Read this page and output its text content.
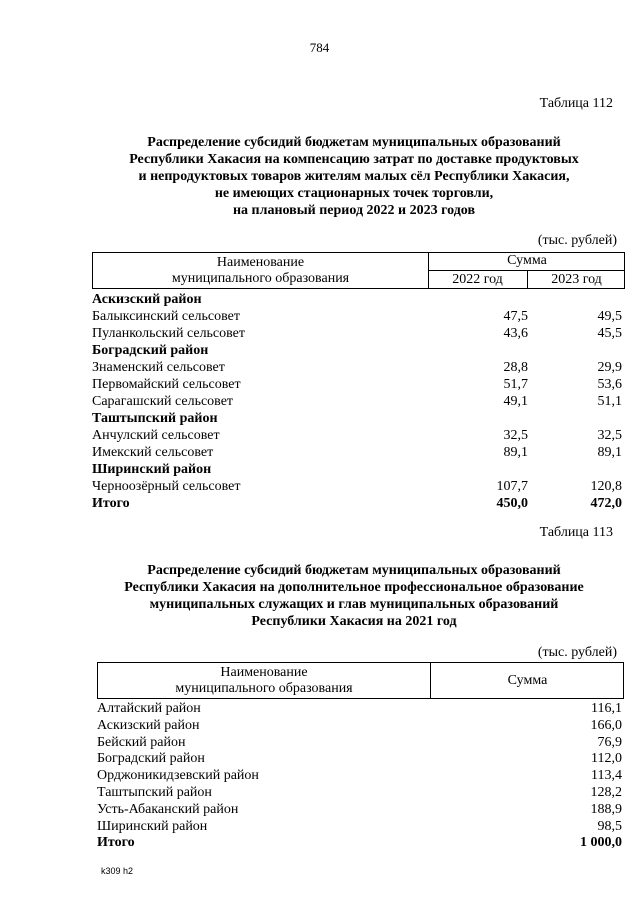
784
Таблица 112
Распределение субсидий бюджетам муниципальных образований
Республики Хакасия на компенсацию затрат по доставке продуктовых
и непродуктовых товаров жителям малых сёл Республики Хакасия,
не имеющих стационарных точек торговли,
на плановый период 2022 и 2023 годов
(тыс. рублей)
Наименование
муниципального образования
Сумма
2022 год	2023 год
Аскизский район
Балыксинский сельсовет	47,5	49,5
Пуланкольский сельсовет	43,6	45,5
Боградский район
Знаменский сельсовет	28,8	29,9
Первомайский сельсовет	51,7	53,6
Сарагашский сельсовет	49,1	51,1
Таштыпский район
Анчулский сельсовет	32,5	32,5
Имекский сельсовет	89,1	89,1
Ширинский район
Черноозёрный сельсовет	107,7	120,8
Итого	450,0	472,0
Таблица 113
Распределение субсидий бюджетам муниципальных образований
Республики Хакасия на дополнительное профессиональное образование
муниципальных служащих и глав муниципальных образований
Республики Хакасия на 2021 год
(тыс. рублей)
Наименование
муниципального образования
Сумма
Алтайский район	116,1
Аскизский район	166,0
Бейский район	76,9
Боградский район	112,0
Орджоникидзевский район	113,4
Таштыпский район	128,2
Усть-Абаканский район	188,9
Ширинский район	98,5
Итого	1 000,0
k309 h2
